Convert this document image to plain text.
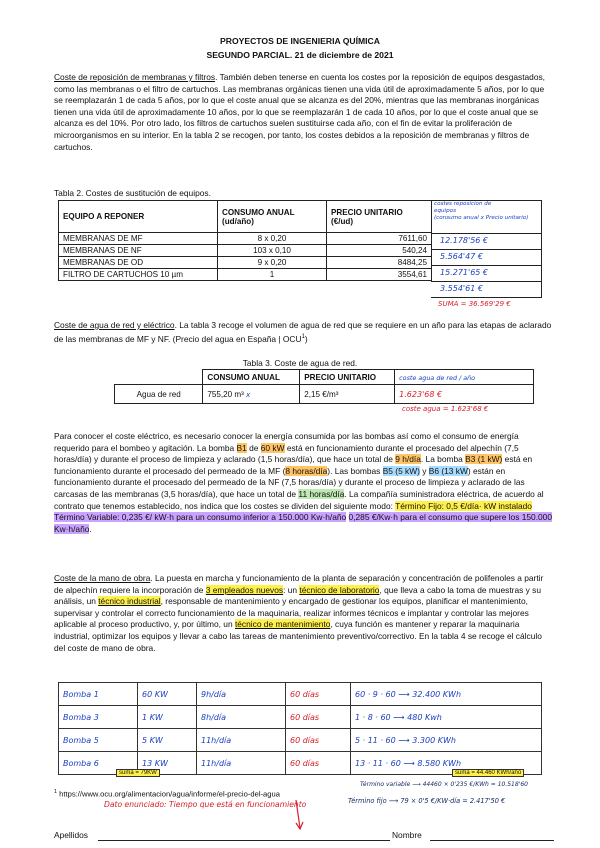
PROYECTOS DE INGENIERIA QUÍMICA
SEGUNDO PARCIAL. 21 de diciembre de 2021
Coste de reposición de membranas y filtros. También deben tenerse en cuenta los costes por la reposición de equipos desgastados, como las membranas o el filtro de cartuchos. Las membranas orgánicas tienen una vida útil de aproximadamente 5 años, por lo que se reemplazarán 1 de cada 5 años, por lo que el coste anual que se alcanza es del 20%, mientras que las membranas inorgánicas tienen una vida útil de aproximadamente 10 años, por lo que se reemplazarán 1 de cada 10 años, por lo que el coste anual que se alcanza es del 10%. Por otro lado, los filtros de cartuchos suelen sustituirse cada año, con el fin de evitar la proliferación de microorganismos en su interior. En la tabla 2 se recogen, por tanto, los costes debidos a la reposición de membranas y filtros de cartuchos.
Tabla 2. Costes de sustitución de equipos.
EQUIPO A REPONER	CONSUMO ANUAL (ud/año)	PRECIO UNITARIO (€/ud)
MEMBRANAS DE MF	8 x 0,20	7611,60
MEMBRANAS DE NF	103 x 0,10	540,24
MEMBRANAS DE OD	9 x 0,20	8484,25
FILTRO DE CARTUCHOS 10 µm	1	3554,61
costes reposicion de
equipos
(consumo anual x Precio unitario)
12.178'56 €
5.564'47 €
15.271'65 €
3.554'61 €
SUMA = 36.569'29 €
Coste de agua de red y eléctrico. La tabla 3 recoge el volumen de agua de red que se requiere en un año para las etapas de aclarado de las membranas de MF y NF. (Precio del agua en España | OCU$^1$)
Tabla 3. Coste de agua de red.
	CONSUMO ANUAL	PRECIO UNITARIO	coste agua de red / año
Agua de red	755,20 m³ x	2,15 €/m³	1.623'68 €
coste agua = 1.623'68 €
Para conocer el coste eléctrico, es necesario conocer la energía consumida por las bombas así como el consumo de energía requerido para el bombeo y agitación. La bomba B1 de 60 kW está en funcionamiento durante el procesado del alpechín (7,5 horas/día) y durante el proceso de limpieza y aclarado (1,5 horas/día), que hace un total de 9 h/día. La bomba B3 (1 kW) está en funcionamiento durante el procesado del permeado de la MF (8 horas/día). Las bombas B5 (5 kW) y B6 (13 kW) están en funcionamiento durante el procesado del permeado de la NF (7,5 horas/día) y durante el proceso de limpieza y aclarado de las carcasas de las membranas (3,5 horas/día), que hace un total de 11 horas/día. La compañía suministradora eléctrica, de acuerdo al contrato que tenemos establecido, nos indica que los costes se dividen del siguiente modo: Término Fijo: 0,5 €/día· kW instalado Término Variable: 0,235 €/ kW·h para un consumo inferior a 150.000 Kw·h/año 0,285 €/Kw·h para el consumo que supere los 150.000 Kw·h/año.
Coste de la mano de obra. La puesta en marcha y funcionamiento de la planta de separación y concentración de polifenoles a partir de alpechín requiere la incorporación de 3 empleados nuevos: un técnico de laboratorio, que lleva a cabo la toma de muestras y su análisis, un técnico industrial, responsable de mantenimiento y encargado de gestionar los equipos, planificar el mantenimiento, supervisar y controlar el correcto funcionamiento de la maquinaria, realizar informes técnicos e implantar y controlar las mejores aplicable al proceso productivo, y, por último, un técnico de mantenimiento, cuya función es mantener y reparar la maquinaria industrial, optimizar los equipos y llevar a cabo las tareas de mantenimiento preventivo/correctivo. En la tabla 4 se recoge el cálculo del coste de mano de obra.
Bomba 1	60 KW	9h/día	60 días	60 · 9 · 60 ⟶ 32.400 KWh
Bomba 3	1 KW	8h/día	60 días	1 · 8 · 60 ⟶ 480 Kwh
Bomba 5	5 KW	11h/día	60 días	5 · 11 · 60 ⟶ 3.300 KWh
Bomba 6	13 KW	11h/día	60 días	13 · 11 · 60 ⟶ 8.580 KWh
suma = 79KW	suma = 44.460 KWh/año
$^1$ https://www.ocu.org/alimentacion/agua/informe/el-precio-del-agua
Término variable ⟶ 44460 × 0'235 €/KWh = 10.518'60
Término fijo ⟶ 79 × 0'5 €/KW·día = 2.417'50 €
Dato enunciado: Tiempo que está en funcionamiento
Apellidos	Nombre
